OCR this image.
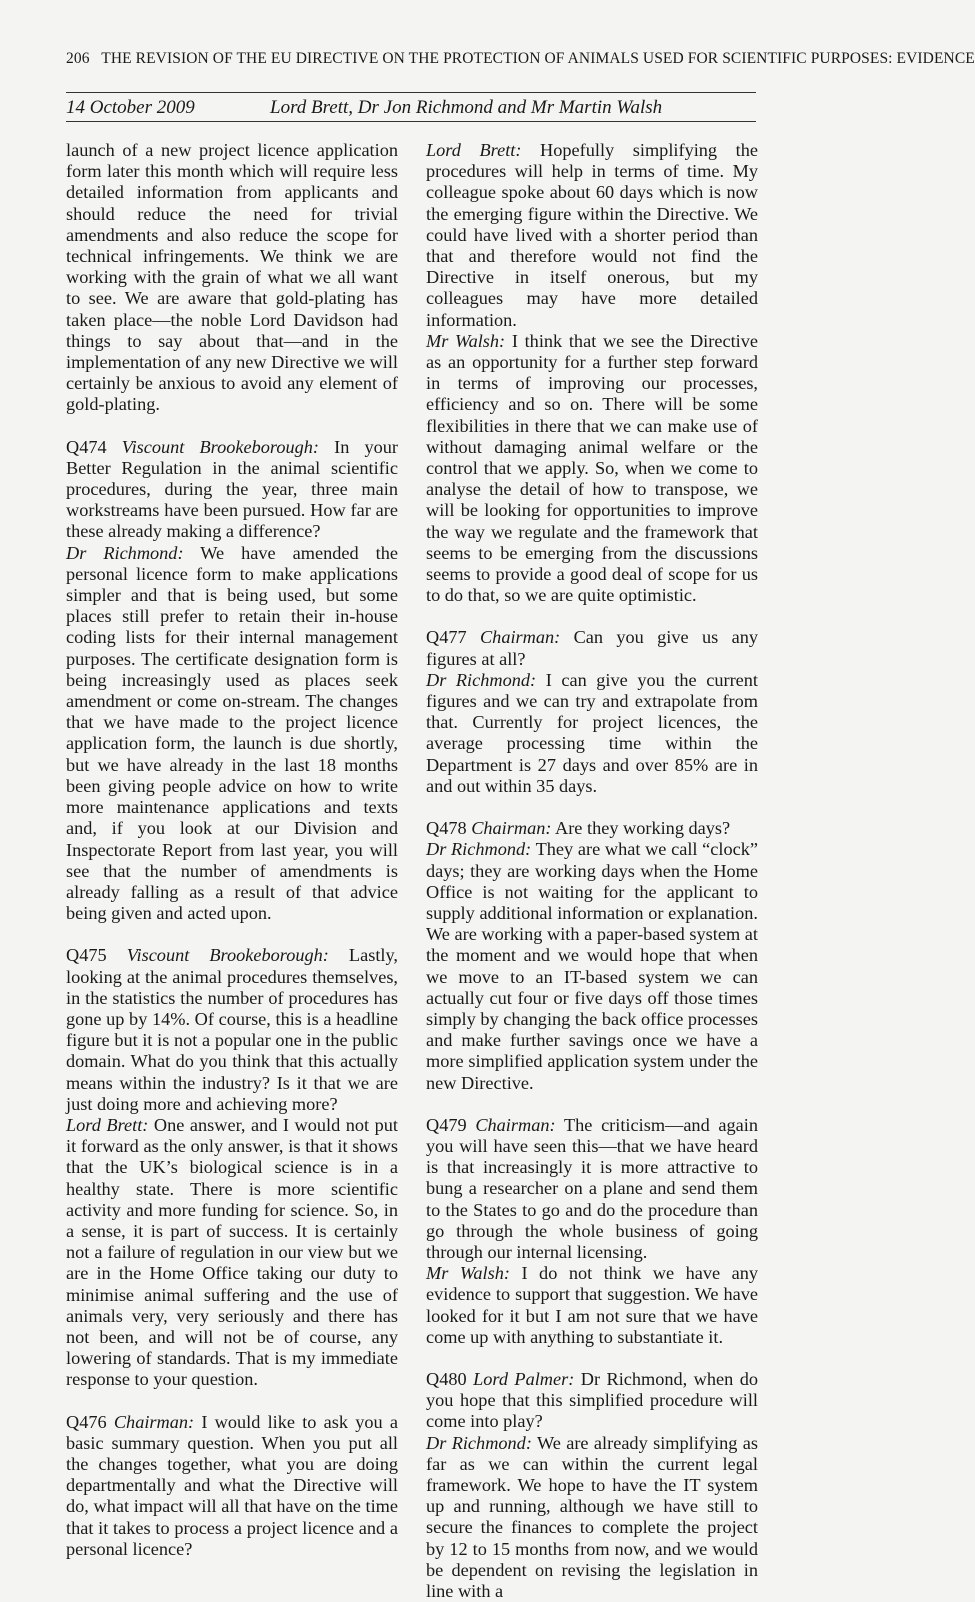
206 THE REVISION OF THE EU DIRECTIVE ON THE PROTECTION OF ANIMALS USED FOR SCIENTIFIC PURPOSES: EVIDENCE
14 October 2009	Lord Brett, Dr Jon Richmond and Mr Martin Walsh

launch of a new project licence application form later this month which will require less detailed information from applicants and should reduce the need for trivial amendments and also reduce the scope for technical infringements. We think we are working with the grain of what we all want to see. We are aware that gold-plating has taken place—the noble Lord Davidson had things to say about that—and in the implementation of any new Directive we will certainly be anxious to avoid any element of gold-plating.

Q474 Viscount Brookeborough: In your Better Regulation in the animal scientific procedures, during the year, three main workstreams have been pursued. How far are these already making a difference?

Dr Richmond: We have amended the personal licence form to make applications simpler and that is being used, but some places still prefer to retain their in-house coding lists for their internal management purposes. The certificate designation form is being increasingly used as places seek amendment or come on-stream. The changes that we have made to the project licence application form, the launch is due shortly, but we have already in the last 18 months been giving people advice on how to write more maintenance applications and texts and, if you look at our Division and Inspectorate Report from last year, you will see that the number of amendments is already falling as a result of that advice being given and acted upon.

Q475 Viscount Brookeborough: Lastly, looking at the animal procedures themselves, in the statistics the number of procedures has gone up by 14%. Of course, this is a headline figure but it is not a popular one in the public domain. What do you think that this actually means within the industry? Is it that we are just doing more and achieving more?

Lord Brett: One answer, and I would not put it forward as the only answer, is that it shows that the UK’s biological science is in a healthy state. There is more scientific activity and more funding for science. So, in a sense, it is part of success. It is certainly not a failure of regulation in our view but we are in the Home Office taking our duty to minimise animal suffering and the use of animals very, very seriously and there has not been, and will not be of course, any lowering of standards. That is my immediate response to your question.

Q476 Chairman: I would like to ask you a basic summary question. When you put all the changes together, what you are doing departmentally and what the Directive will do, what impact will all that have on the time that it takes to process a project licence and a personal licence?

Lord Brett: Hopefully simplifying the procedures will help in terms of time. My colleague spoke about 60 days which is now the emerging figure within the Directive. We could have lived with a shorter period than that and therefore would not find the Directive in itself onerous, but my colleagues may have more detailed information.

Mr Walsh: I think that we see the Directive as an opportunity for a further step forward in terms of improving our processes, efficiency and so on. There will be some flexibilities in there that we can make use of without damaging animal welfare or the control that we apply. So, when we come to analyse the detail of how to transpose, we will be looking for opportunities to improve the way we regulate and the framework that seems to be emerging from the discussions seems to provide a good deal of scope for us to do that, so we are quite optimistic.

Q477 Chairman: Can you give us any figures at all?

Dr Richmond: I can give you the current figures and we can try and extrapolate from that. Currently for project licences, the average processing time within the Department is 27 days and over 85% are in and out within 35 days.

Q478 Chairman: Are they working days?

Dr Richmond: They are what we call “clock” days; they are working days when the Home Office is not waiting for the applicant to supply additional information or explanation. We are working with a paper-based system at the moment and we would hope that when we move to an IT-based system we can actually cut four or five days off those times simply by changing the back office processes and make further savings once we have a more simplified application system under the new Directive.

Q479 Chairman: The criticism—and again you will have seen this—that we have heard is that increasingly it is more attractive to bung a researcher on a plane and send them to the States to go and do the procedure than go through the whole business of going through our internal licensing.

Mr Walsh: I do not think we have any evidence to support that suggestion. We have looked for it but I am not sure that we have come up with anything to substantiate it.

Q480 Lord Palmer: Dr Richmond, when do you hope that this simplified procedure will come into play?

Dr Richmond: We are already simplifying as far as we can within the current legal framework. We hope to have the IT system up and running, although we have still to secure the finances to complete the project by 12 to 15 months from now, and we would be dependent on revising the legislation in line with a
